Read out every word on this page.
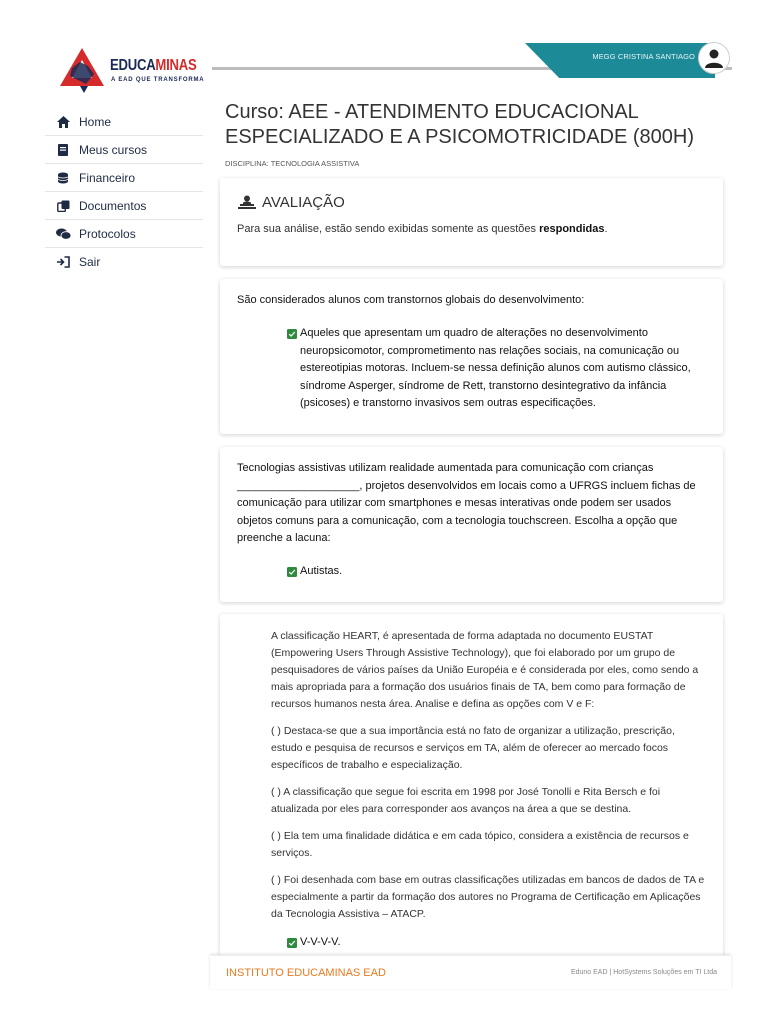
MEGG CRISTINA SANTIAGO
EDUCAMINAS
A EAD QUE TRANSFORMA
Home
Meus cursos
Financeiro
Documentos
Protocolos
Sair
Curso: AEE - ATENDIMENTO EDUCACIONAL ESPECIALIZADO E A PSICOMOTRICIDADE (800H)
DISCIPLINA: TECNOLOGIA ASSISTIVA
AVALIAÇÃO

Para sua análise, estão sendo exibidas somente as questões respondidas.

São considerados alunos com transtornos globais do desenvolvimento:

Aqueles que apresentam um quadro de alterações no desenvolvimento neuropsicomotor, comprometimento nas relações sociais, na comunicação ou estereotipias motoras. Incluem-se nessa definição alunos com autismo clássico, síndrome Asperger, síndrome de Rett, transtorno desintegrativo da infância (psicoses) e transtorno invasivos sem outras especificações.

Tecnologias assistivas utilizam realidade aumentada para comunicação com crianças ____________________, projetos desenvolvidos em locais como a UFRGS incluem fichas de comunicação para utilizar com smartphones e mesas interativas onde podem ser usados objetos comuns para a comunicação, com a tecnologia touchscreen. Escolha a opção que preenche a lacuna:

Autistas.

A classificação HEART, é apresentada de forma adaptada no documento EUSTAT (Empowering Users Through Assistive Technology), que foi elaborado por um grupo de pesquisadores de vários países da União Européia e é considerada por eles, como sendo a mais apropriada para a formação dos usuários finais de TA, bem como para formação de recursos humanos nesta área. Analise e defina as opções com V e F:

( ) Destaca-se que a sua importância está no fato de organizar a utilização, prescrição, estudo e pesquisa de recursos e serviços em TA, além de oferecer ao mercado focos específicos de trabalho e especialização.

( ) A classificação que segue foi escrita em 1998 por José Tonolli e Rita Bersch e foi atualizada por eles para corresponder aos avanços na área a que se destina.

( ) Ela tem uma finalidade didática e em cada tópico, considera a existência de recursos e serviços.

( ) Foi desenhada com base em outras classificações utilizadas em bancos de dados de TA e especialmente a partir da formação dos autores no Programa de Certificação em Aplicações da Tecnologia Assistiva – ATACP.

V-V-V-V.
INSTITUTO EDUCAMINAS EAD	Eduno EAD | HotSystems Soluções em TI Ltda
